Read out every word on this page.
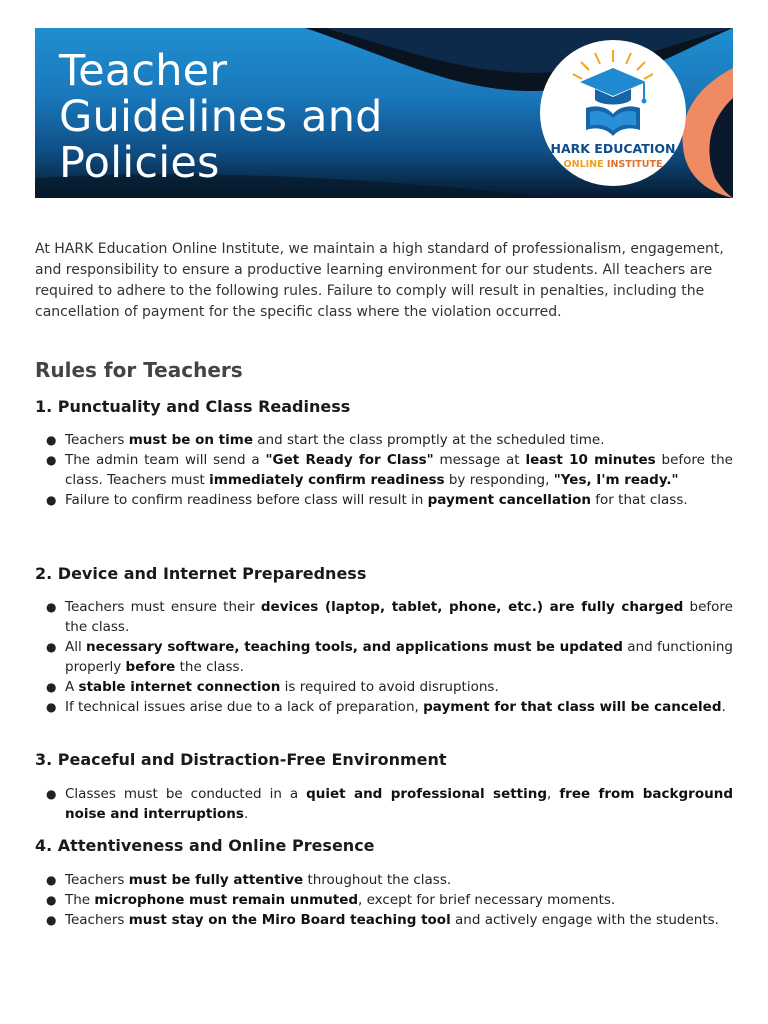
Teacher
Guidelines and
Policies	HARK EDUCATION
ONLINE INSTITUTE
At HARK Education Online Institute, we maintain a high standard of professionalism, engagement, and responsibility to ensure a productive learning environment for our students. All teachers are required to adhere to the following rules. Failure to comply will result in penalties, including the cancellation of payment for the specific class where the violation occurred.
Rules for Teachers
1. Punctuality and Class Readiness
● Teachers must be on time and start the class promptly at the scheduled time.
● The admin team will send a "Get Ready for Class" message at least 10 minutes before the class. Teachers must immediately confirm readiness by responding, "Yes, I'm ready."
● Failure to confirm readiness before class will result in payment cancellation for that class.
2. Device and Internet Preparedness
● Teachers must ensure their devices (laptop, tablet, phone, etc.) are fully charged before the class.
● All necessary software, teaching tools, and applications must be updated and functioning properly before the class.
● A stable internet connection is required to avoid disruptions.
● If technical issues arise due to a lack of preparation, payment for that class will be canceled.
3. Peaceful and Distraction-Free Environment
● Classes must be conducted in a quiet and professional setting, free from background noise and interruptions.
4. Attentiveness and Online Presence
● Teachers must be fully attentive throughout the class.
● The microphone must remain unmuted, except for brief necessary moments.
● Teachers must stay on the Miro Board teaching tool and actively engage with the students.
